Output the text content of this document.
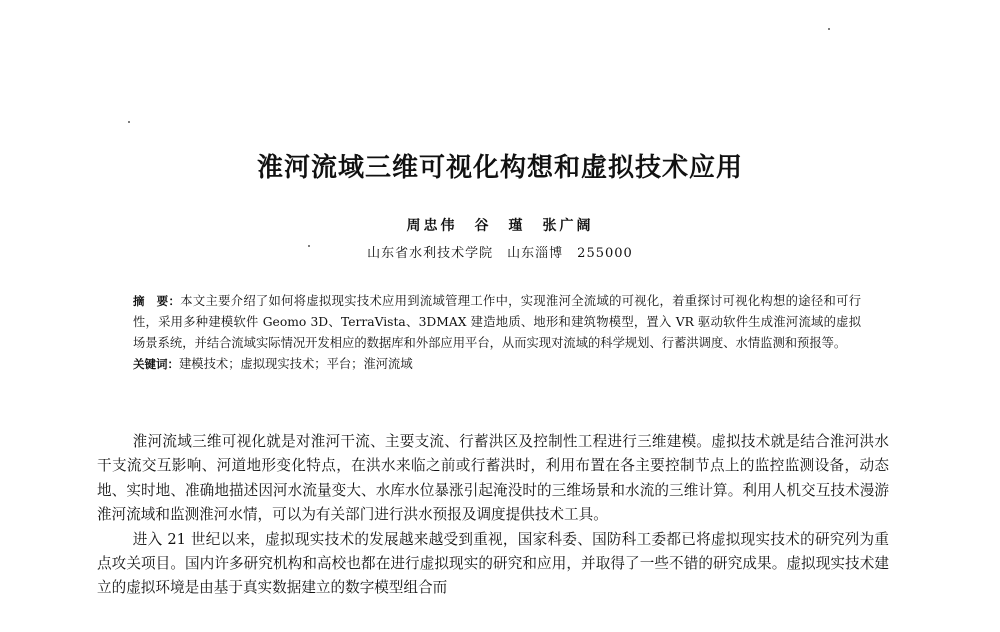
淮河流域三维可视化构想和虚拟技术应用
周忠伟　谷　瑾　张广阔
山东省水利技术学院　山东淄博　255000

摘　要：本文主要介绍了如何将虚拟现实技术应用到流域管理工作中，实现淮河全流域的可视化，着重探讨可视化构想的途径和可行性，采用多种建模软件 Geomo 3D、TerraVista、3DMAX 建造地质、地形和建筑物模型，置入 VR 驱动软件生成淮河流域的虚拟场景系统，并结合流域实际情况开发相应的数据库和外部应用平台，从而实现对流域的科学规划、行蓄洪调度、水情监测和预报等。

关键词：建模技术；虚拟现实技术；平台；淮河流域

淮河流域三维可视化就是对淮河干流、主要支流、行蓄洪区及控制性工程进行三维建模。虚拟技术就是结合淮河洪水干支流交互影响、河道地形变化特点，在洪水来临之前或行蓄洪时，利用布置在各主要控制节点上的监控监测设备，动态地、实时地、准确地描述因河水流量变大、水库水位暴涨引起淹没时的三维场景和水流的三维计算。利用人机交互技术漫游淮河流域和监测淮河水情，可以为有关部门进行洪水预报及调度提供技术工具。

进入 21 世纪以来，虚拟现实技术的发展越来越受到重视，国家科委、国防科工委都已将虚拟现实技术的研究列为重点攻关项目。国内许多研究机构和高校也都在进行虚拟现实的研究和应用，并取得了一些不错的研究成果。虚拟现实技术建立的虚拟环境是由基于真实数据建立的数字模型组合而
